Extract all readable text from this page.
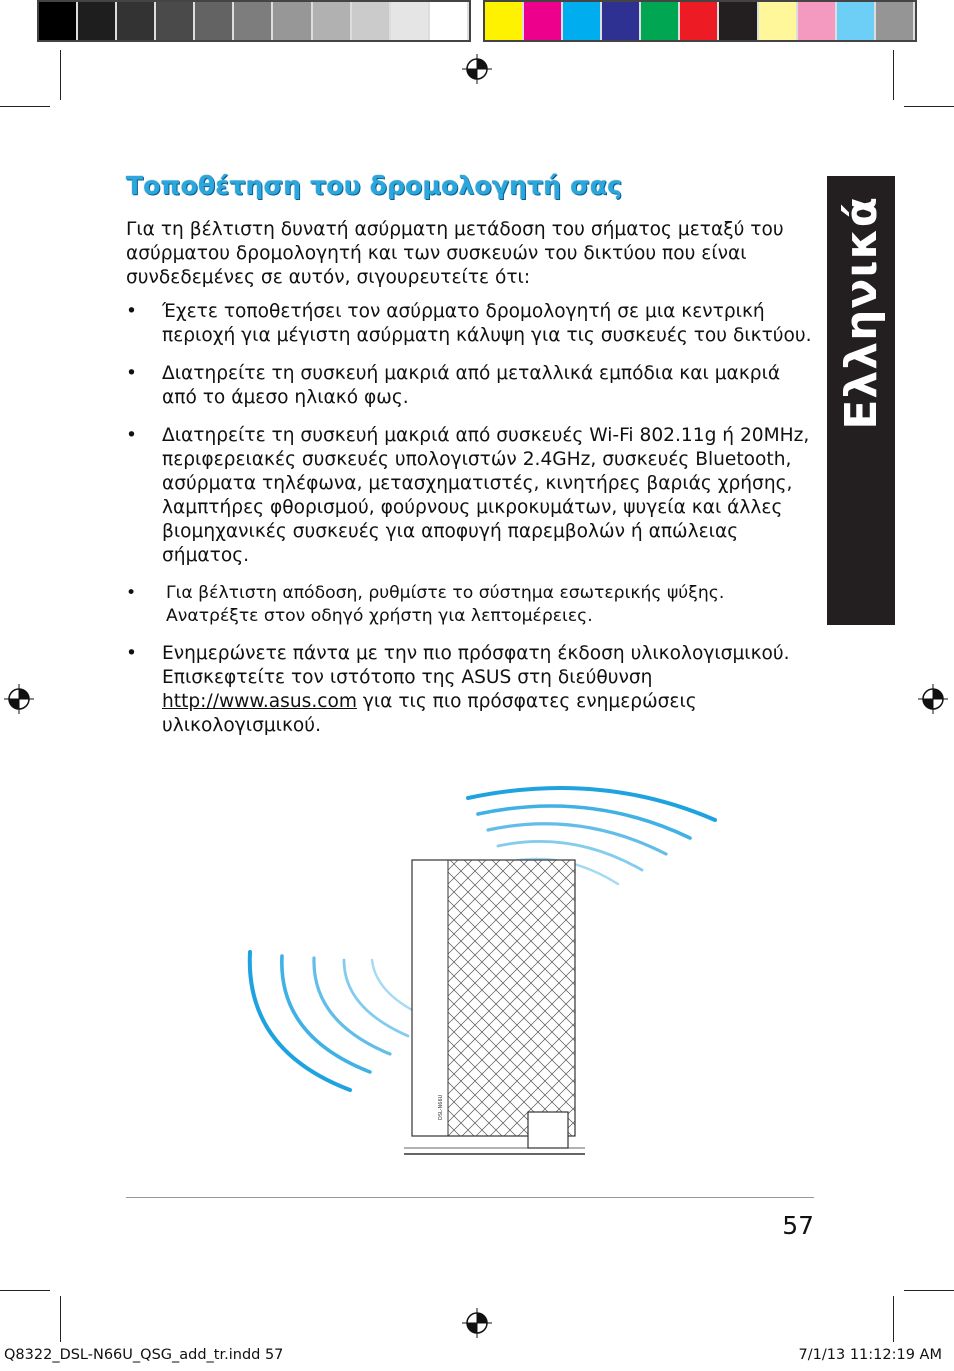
Τοποθέτηση του δρομολογητή σας

Για τη βέλτιστη δυνατή ασύρματη μετάδοση του σήματος μεταξύ του ασύρματου δρομολογητή και των συσκευών του δικτύου που είναι συνδεδεμένες σε αυτόν, σιγουρευτείτε ότι:

•	Έχετε τοποθετήσει τον ασύρματο δρομολογητή σε μια κεντρική περιοχή για μέγιστη ασύρματη κάλυψη για τις συσκευές του δικτύου.
•	Διατηρείτε τη συσκευή μακριά από μεταλλικά εμπόδια και μακριά από το άμεσο ηλιακό φως.
•	Διατηρείτε τη συσκευή μακριά από συσκευές Wi-Fi 802.11g ή 20MHz, περιφερειακές συσκευές υπολογιστών 2.4GHz, συσκευές Bluetooth, ασύρματα τηλέφωνα, μετασχηματιστές, κινητήρες βαριάς χρήσης, λαμπτήρες φθορισμού, φούρνους μικροκυμάτων, ψυγεία και άλλες βιομηχανικές συσκευές για αποφυγή παρεμβολών ή απώλειας σήματος.
•	Για βέλτιστη απόδοση, ρυθμίστε το σύστημα εσωτερικής ψύξης. Ανατρέξτε στον οδηγό χρήστη για λεπτομέρειες.
•	Ενημερώνετε πάντα με την πιο πρόσφατη έκδοση υλικολογισμικού. Επισκεφτείτε τον ιστότοπο της ASUS στη διεύθυνση http://www.asus.com για τις πιο πρόσφατες ενημερώσεις υλικολογισμικού.
Ελληνικά
DSL-N66U
57
Q8322_DSL-N66U_QSG_add_tr.indd 57	7/1/13 11:12:19 AM
